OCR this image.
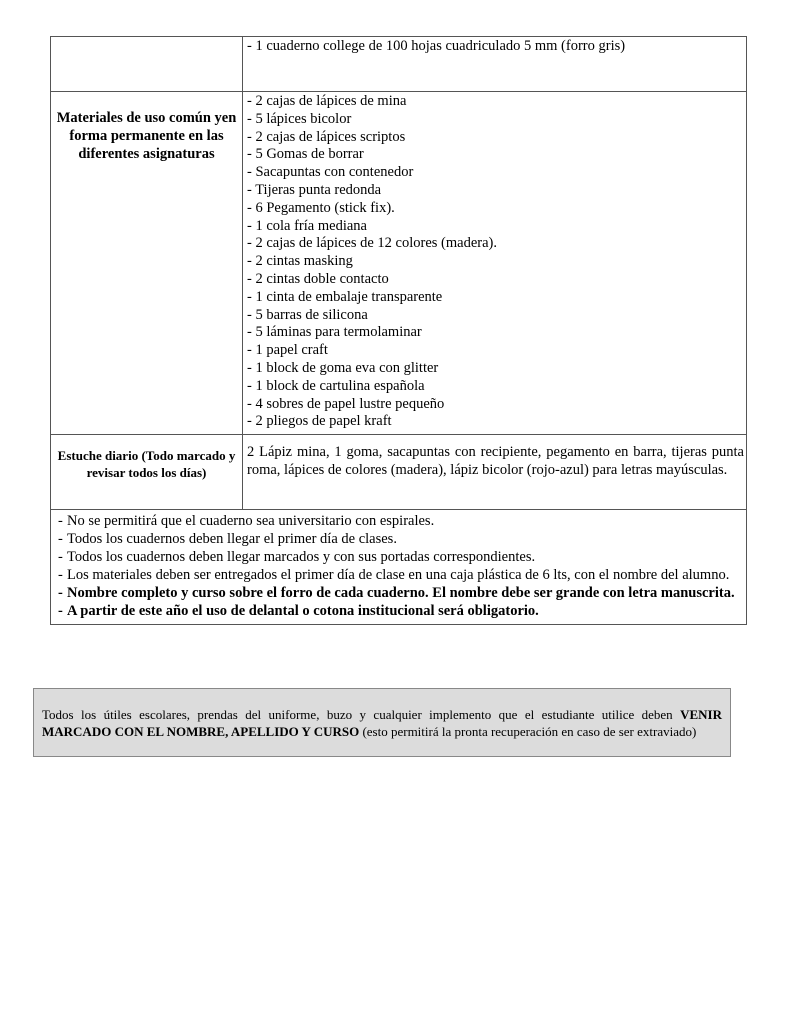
- 1 cuaderno college de 100 hojas cuadriculado 5 mm (forro gris)
Materiales de uso común yen forma permanente en las diferentes asignaturas
- 2 cajas de lápices de mina
- 5 lápices bicolor
- 2 cajas de lápices scriptos
- 5 Gomas de borrar
- Sacapuntas con contenedor
- Tijeras punta redonda
- 6 Pegamento (stick fix).
- 1 cola fría mediana
- 2 cajas de lápices de 12 colores (madera).
- 2 cintas masking
- 2 cintas doble contacto
- 1 cinta de embalaje transparente
- 5 barras de silicona
- 5 láminas para termolaminar
- 1 papel craft
- 1 block de goma eva con glitter
- 1 block de cartulina española
- 4 sobres de papel lustre pequeño
- 2 pliegos de papel kraft
Estuche diario (Todo marcado y revisar todos los días)
2 Lápiz mina, 1 goma, sacapuntas con recipiente, pegamento en barra, tijeras punta roma, lápices de colores (madera), lápiz bicolor (rojo-azul) para letras mayúsculas.
- No se permitirá que el cuaderno sea universitario con espirales.
- Todos los cuadernos deben llegar el primer día de clases.
- Todos los cuadernos deben llegar marcados y con sus portadas correspondientes.
- Los materiales deben ser entregados el primer día de clase en una caja plástica de 6 lts, con el nombre del alumno.
- Nombre completo y curso sobre el forro de cada cuaderno. El nombre debe ser grande con letra manuscrita.
- A partir de este año el uso de delantal o cotona institucional será obligatorio.
Todos los útiles escolares, prendas del uniforme, buzo y cualquier implemento que el estudiante utilice deben VENIR MARCADO CON EL NOMBRE, APELLIDO Y CURSO (esto permitirá la pronta recuperación en caso de ser extraviado)
